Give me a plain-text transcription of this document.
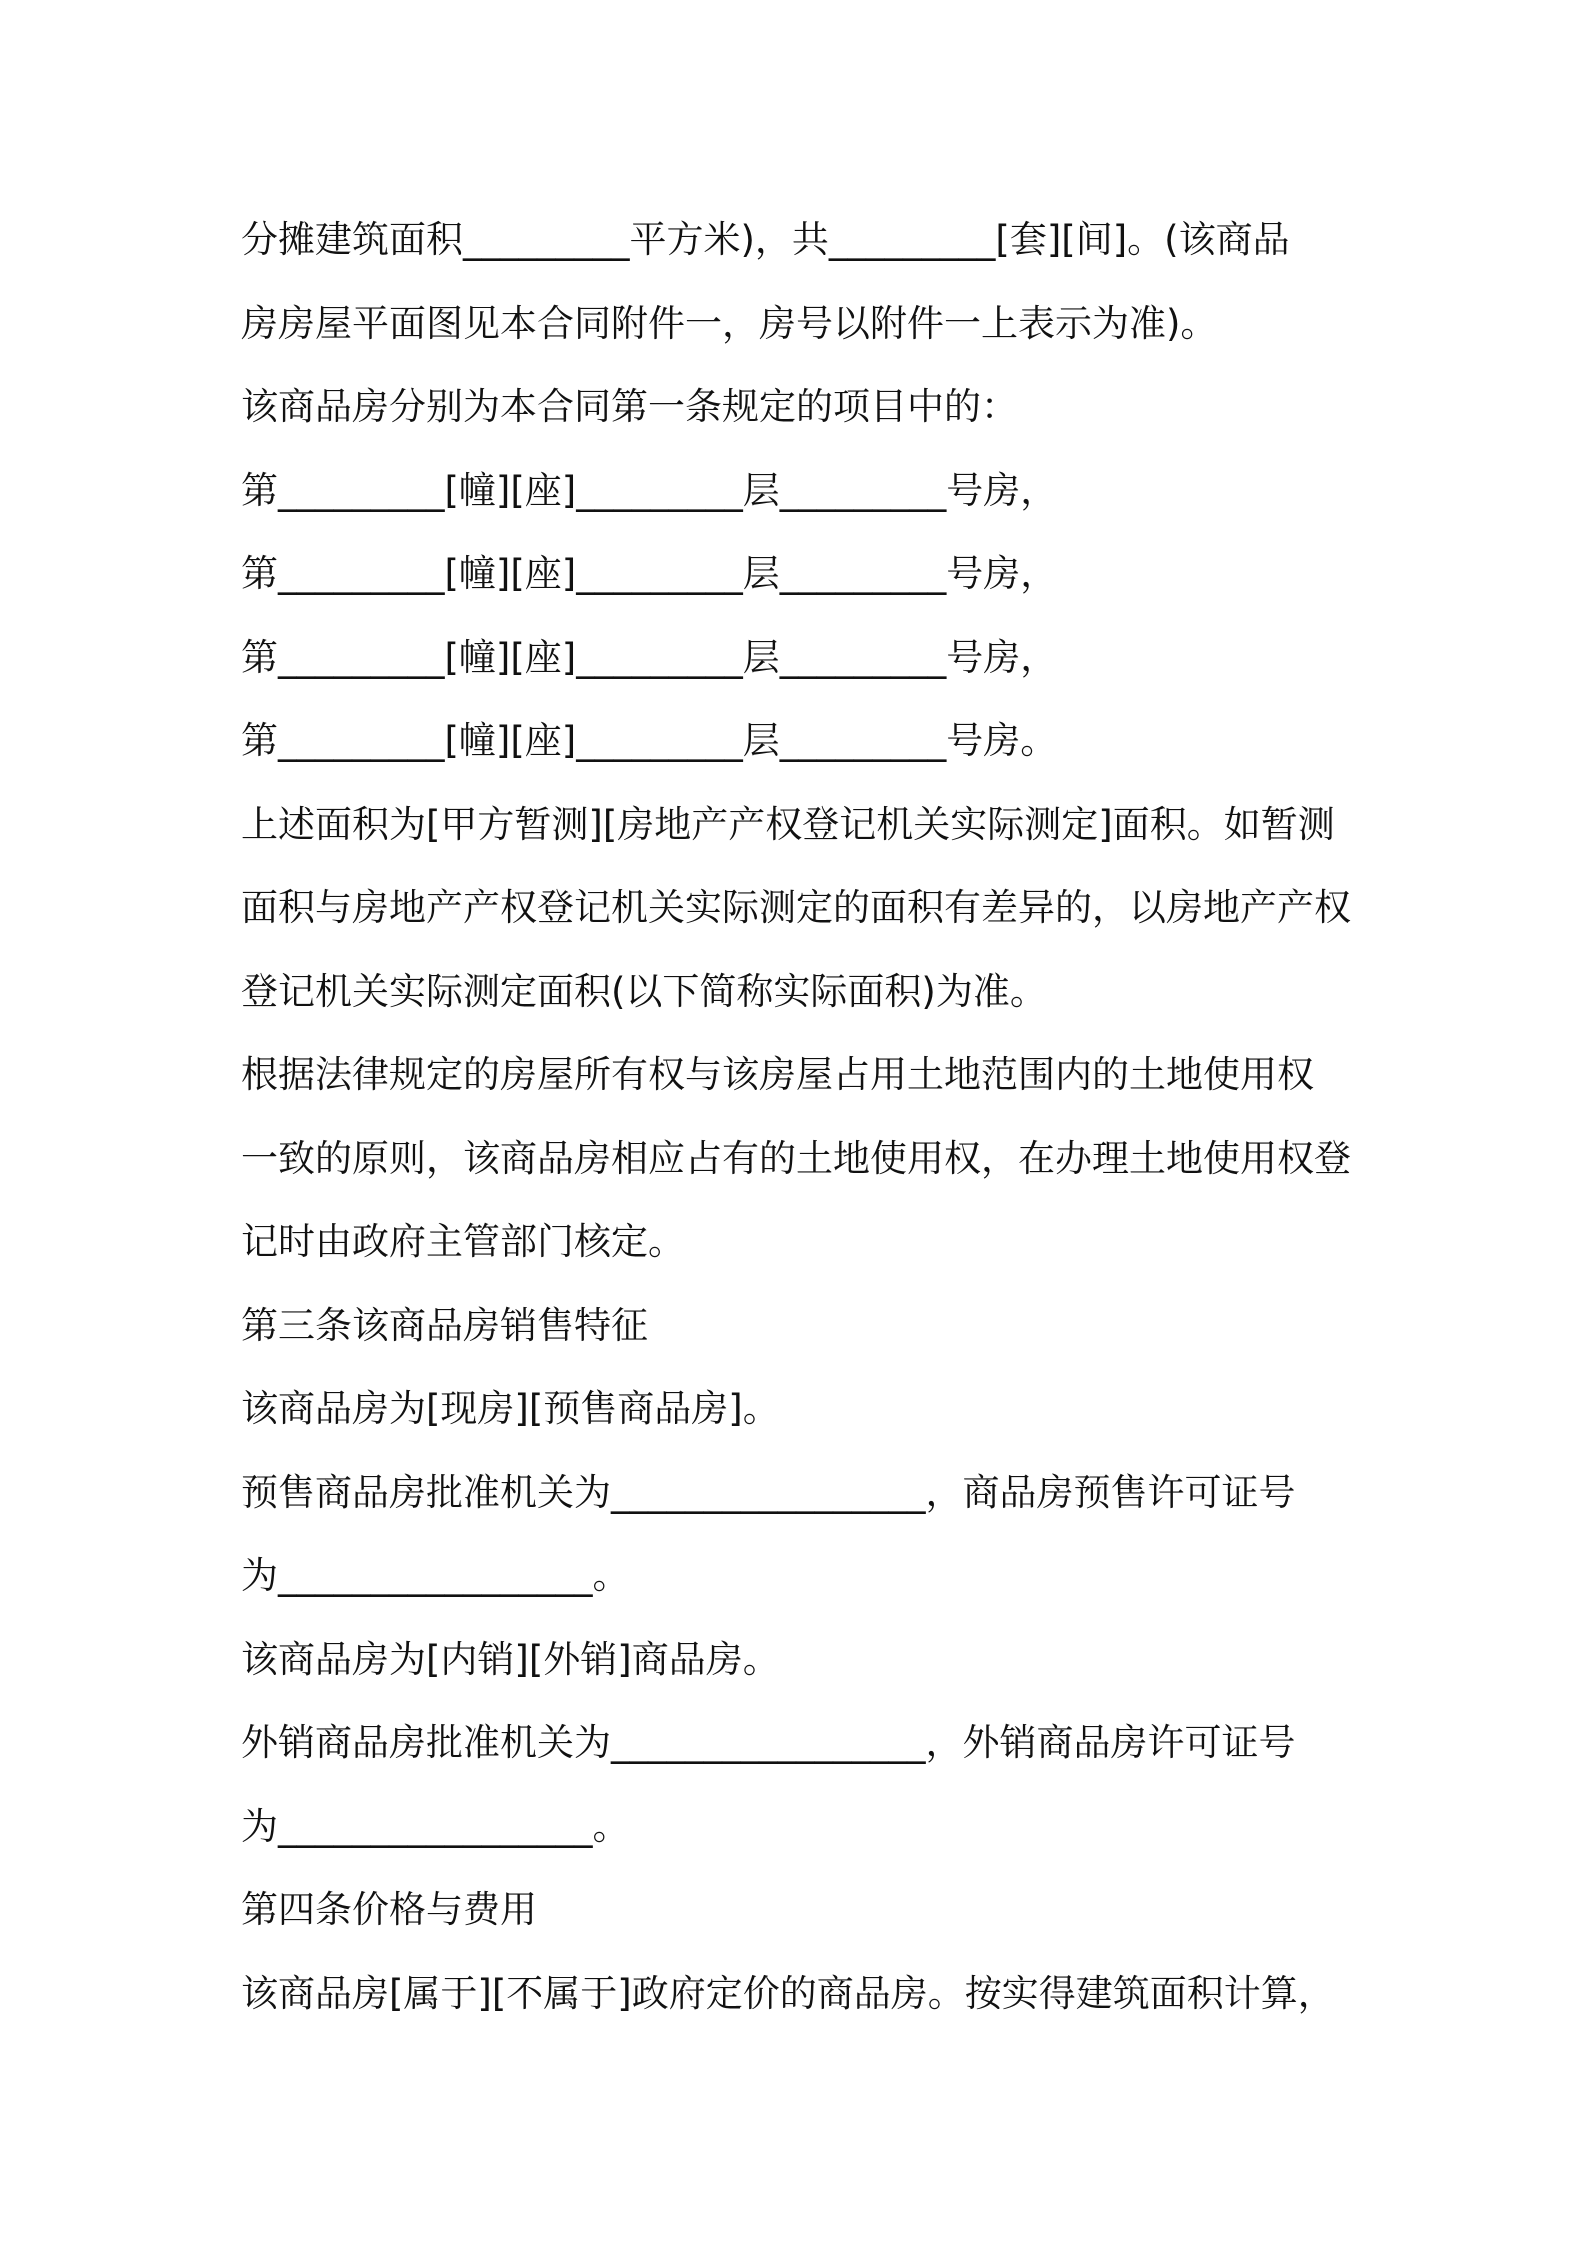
分摊建筑面积_________平方米)，共_________[套][间]。(该商品
房房屋平面图见本合同附件一，房号以附件一上表示为准)。
该商品房分别为本合同第一条规定的项目中的：
第_________[幢][座]_________层_________号房，
第_________[幢][座]_________层_________号房，
第_________[幢][座]_________层_________号房，
第_________[幢][座]_________层_________号房。
上述面积为[甲方暂测][房地产产权登记机关实际测定]面积。如暂测
面积与房地产产权登记机关实际测定的面积有差异的，以房地产产权
登记机关实际测定面积(以下简称实际面积)为准。
根据法律规定的房屋所有权与该房屋占用土地范围内的土地使用权
一致的原则，该商品房相应占有的土地使用权，在办理土地使用权登
记时由政府主管部门核定。
第三条该商品房销售特征
该商品房为[现房][预售商品房]。
预售商品房批准机关为_________________，商品房预售许可证号
为_________________。
该商品房为[内销][外销]商品房。
外销商品房批准机关为_________________，外销商品房许可证号
为_________________。
第四条价格与费用
该商品房[属于][不属于]政府定价的商品房。按实得建筑面积计算，
